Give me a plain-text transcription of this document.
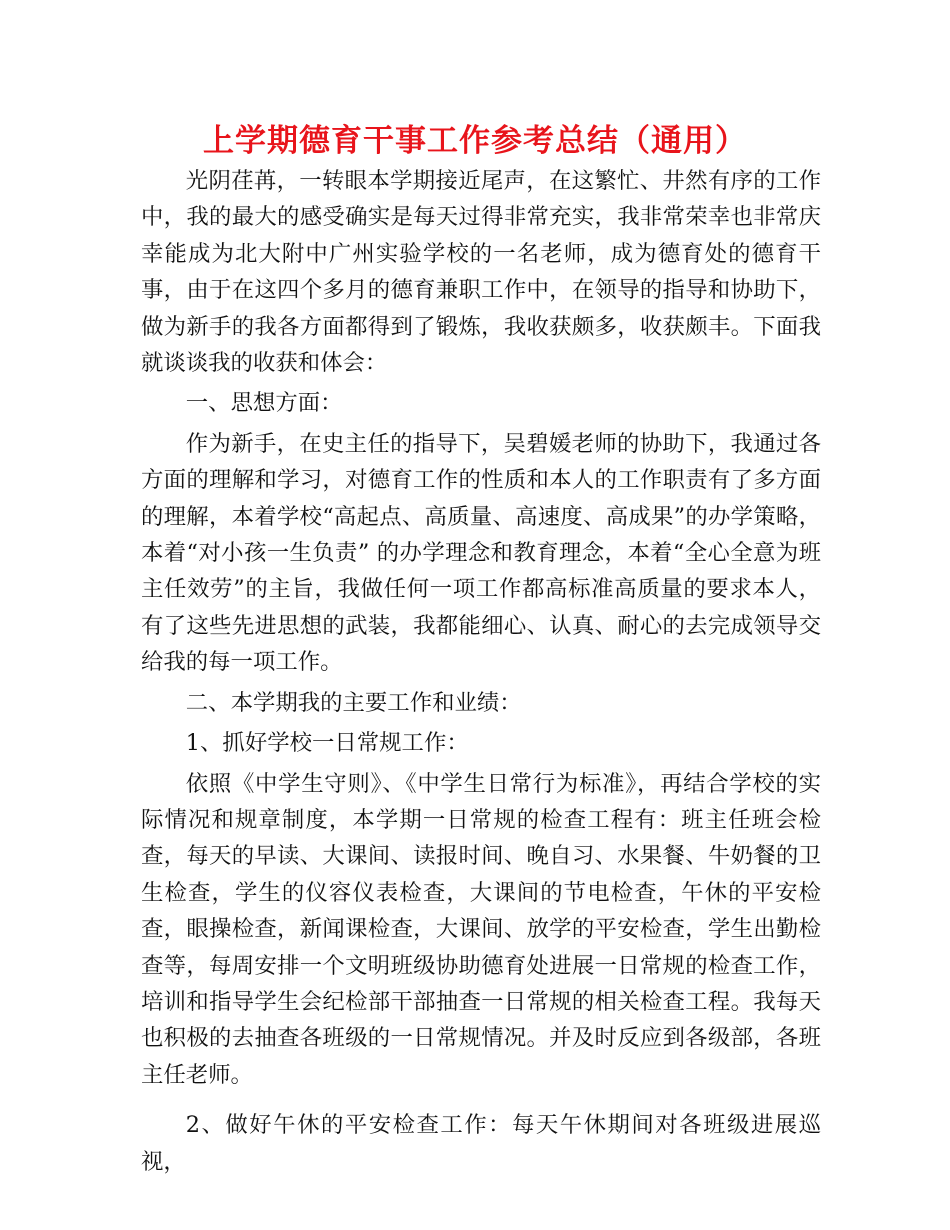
上学期德育干事工作参考总结（通用）

光阴荏苒，一转眼本学期接近尾声，在这繁忙、井然有序的工作中，我的最大的感受确实是每天过得非常充实，我非常荣幸也非常庆幸能成为北大附中广州实验学校的一名老师，成为德育处的德育干事，由于在这四个多月的德育兼职工作中，在领导的指导和协助下，做为新手的我各方面都得到了锻炼，我收获颇多，收获颇丰。下面我就谈谈我的收获和体会：

一、思想方面：

作为新手，在史主任的指导下，吴碧媛老师的协助下，我通过各方面的理解和学习，对德育工作的性质和本人的工作职责有了多方面的理解，本着学校“高起点、高质量、高速度、高成果”的办学策略， 本着“对小孩一生负责” 的办学理念和教育理念，本着“全心全意为班主任效劳”的主旨，我做任何一项工作都高标准高质量的要求本人，有了这些先进思想的武装，我都能细心、认真、耐心的去完成领导交给我的每一项工作。

二、本学期我的主要工作和业绩：

1、抓好学校一日常规工作：

依照《中学生守则》、《中学生日常行为标准》，再结合学校的实际情况和规章制度，本学期一日常规的检查工程有：班主任班会检查，每天的早读、大课间、读报时间、晚自习、水果餐、牛奶餐的卫生检查，学生的仪容仪表检查，大课间的节电检查，午休的平安检查，眼操检查，新闻课检查，大课间、放学的平安检查，学生出勤检查等，每周安排一个文明班级协助德育处进展一日常规的检查工作，培训和指导学生会纪检部干部抽查一日常规的相关检查工程。我每天也积极的去抽查各班级的一日常规情况。并及时反应到各级部，各班主任老师。

2、做好午休的平安检查工作：每天午休期间对各班级进展巡视，
